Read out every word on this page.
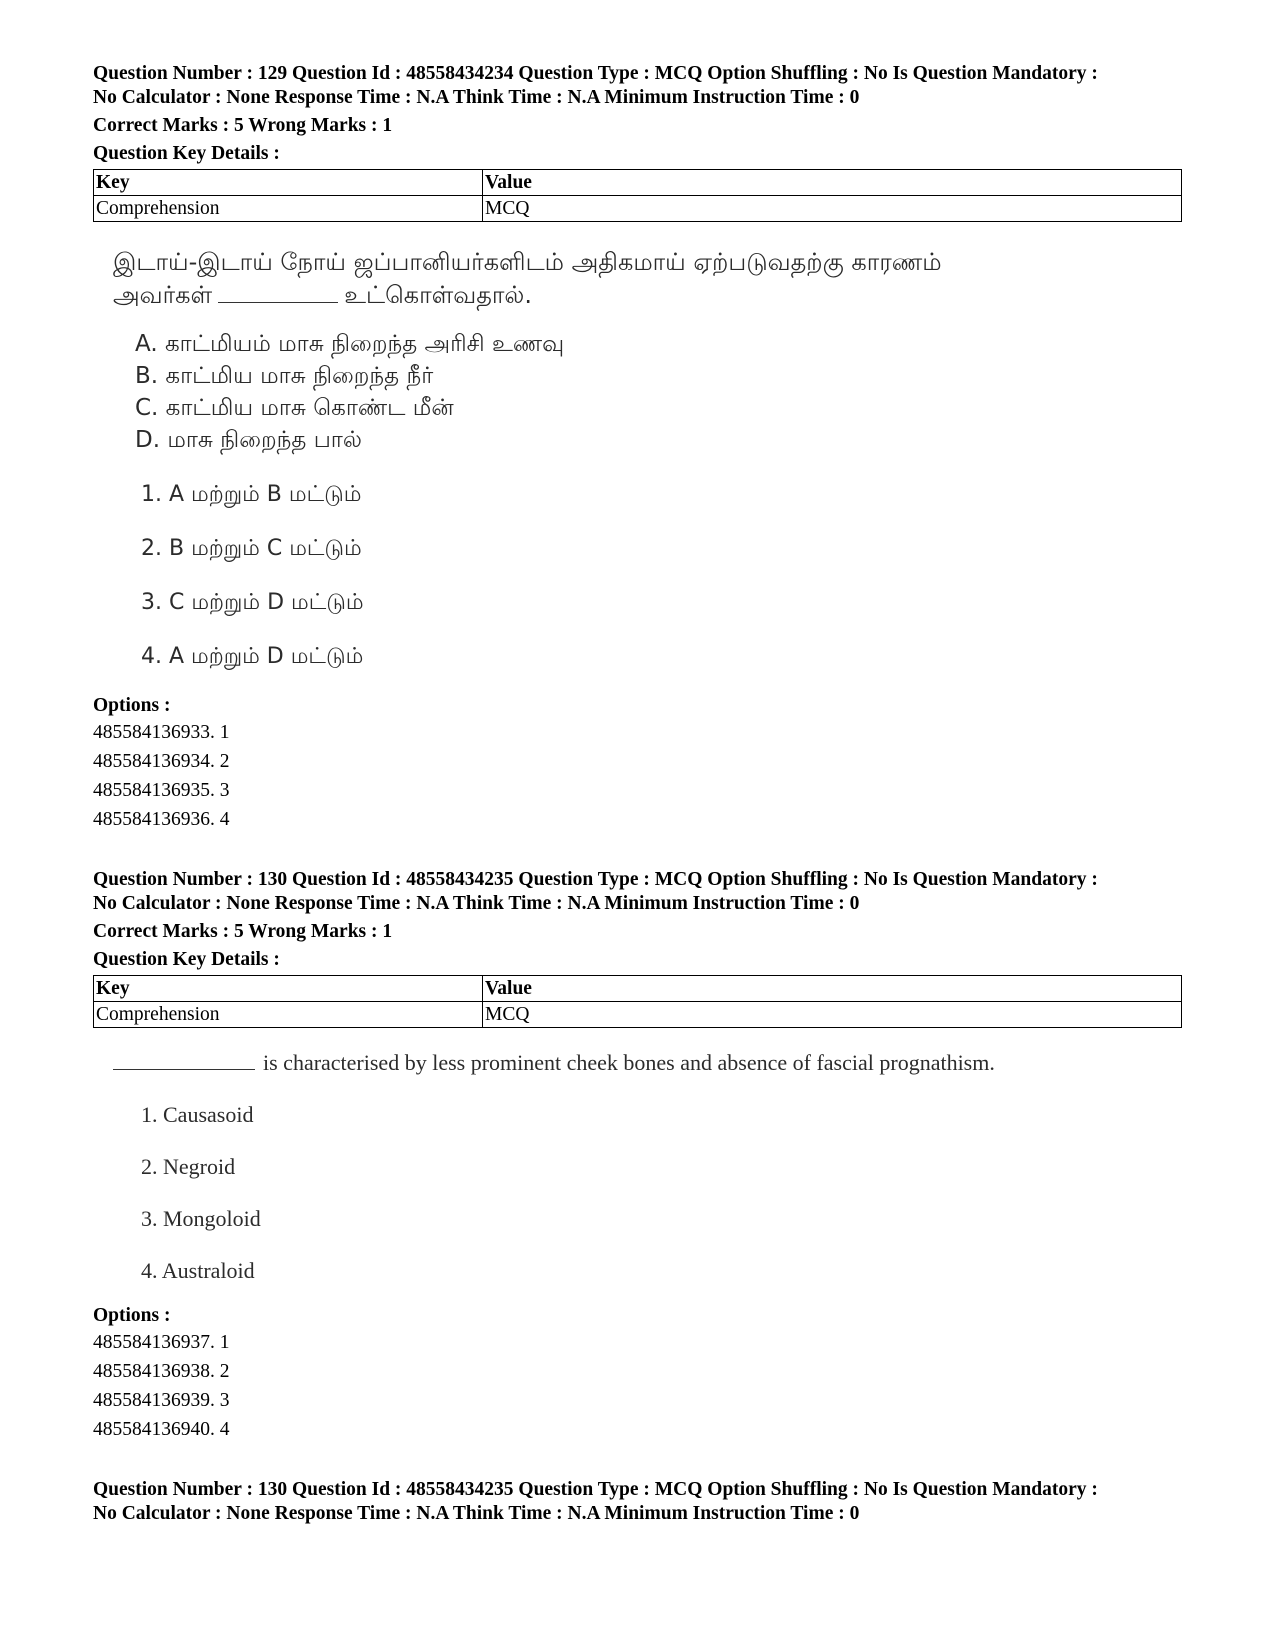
Question Number : 129 Question Id : 48558434234 Question Type : MCQ Option Shuffling : No Is Question Mandatory :

No Calculator : None Response Time : N.A Think Time : N.A Minimum Instruction Time : 0

Correct Marks : 5 Wrong Marks : 1
Question Key Details :
Key	Value
Comprehension	MCQ
இடாய்-இடாய் நோய் ஜப்பானியர்களிடம் அதிகமாய் ஏற்படுவதற்கு காரணம்
அவர்கள்	உட்கொள்வதால்.
A. காட்மியம் மாசு நிறைந்த அரிசி உணவு
B. காட்மிய மாசு நிறைந்த நீர்
C. காட்மிய மாசு கொண்ட மீன்
D. மாசு நிறைந்த பால்
1. A மற்றும் B மட்டும்
2. B மற்றும் C மட்டும்
3. C மற்றும் D மட்டும்
4. A மற்றும் D மட்டும்
Options :
485584136933. 1
485584136934. 2
485584136935. 3
485584136936. 4

Question Number : 130 Question Id : 48558434235 Question Type : MCQ Option Shuffling : No Is Question Mandatory :

No Calculator : None Response Time : N.A Think Time : N.A Minimum Instruction Time : 0

Correct Marks : 5 Wrong Marks : 1
Question Key Details :
Key	Value
Comprehension	MCQ
is characterised by less prominent cheek bones and absence of fascial prognathism.
1. Causasoid
2. Negroid
3. Mongoloid
4. Australoid
Options :
485584136937. 1
485584136938. 2
485584136939. 3
485584136940. 4

Question Number : 130 Question Id : 48558434235 Question Type : MCQ Option Shuffling : No Is Question Mandatory :

No Calculator : None Response Time : N.A Think Time : N.A Minimum Instruction Time : 0
